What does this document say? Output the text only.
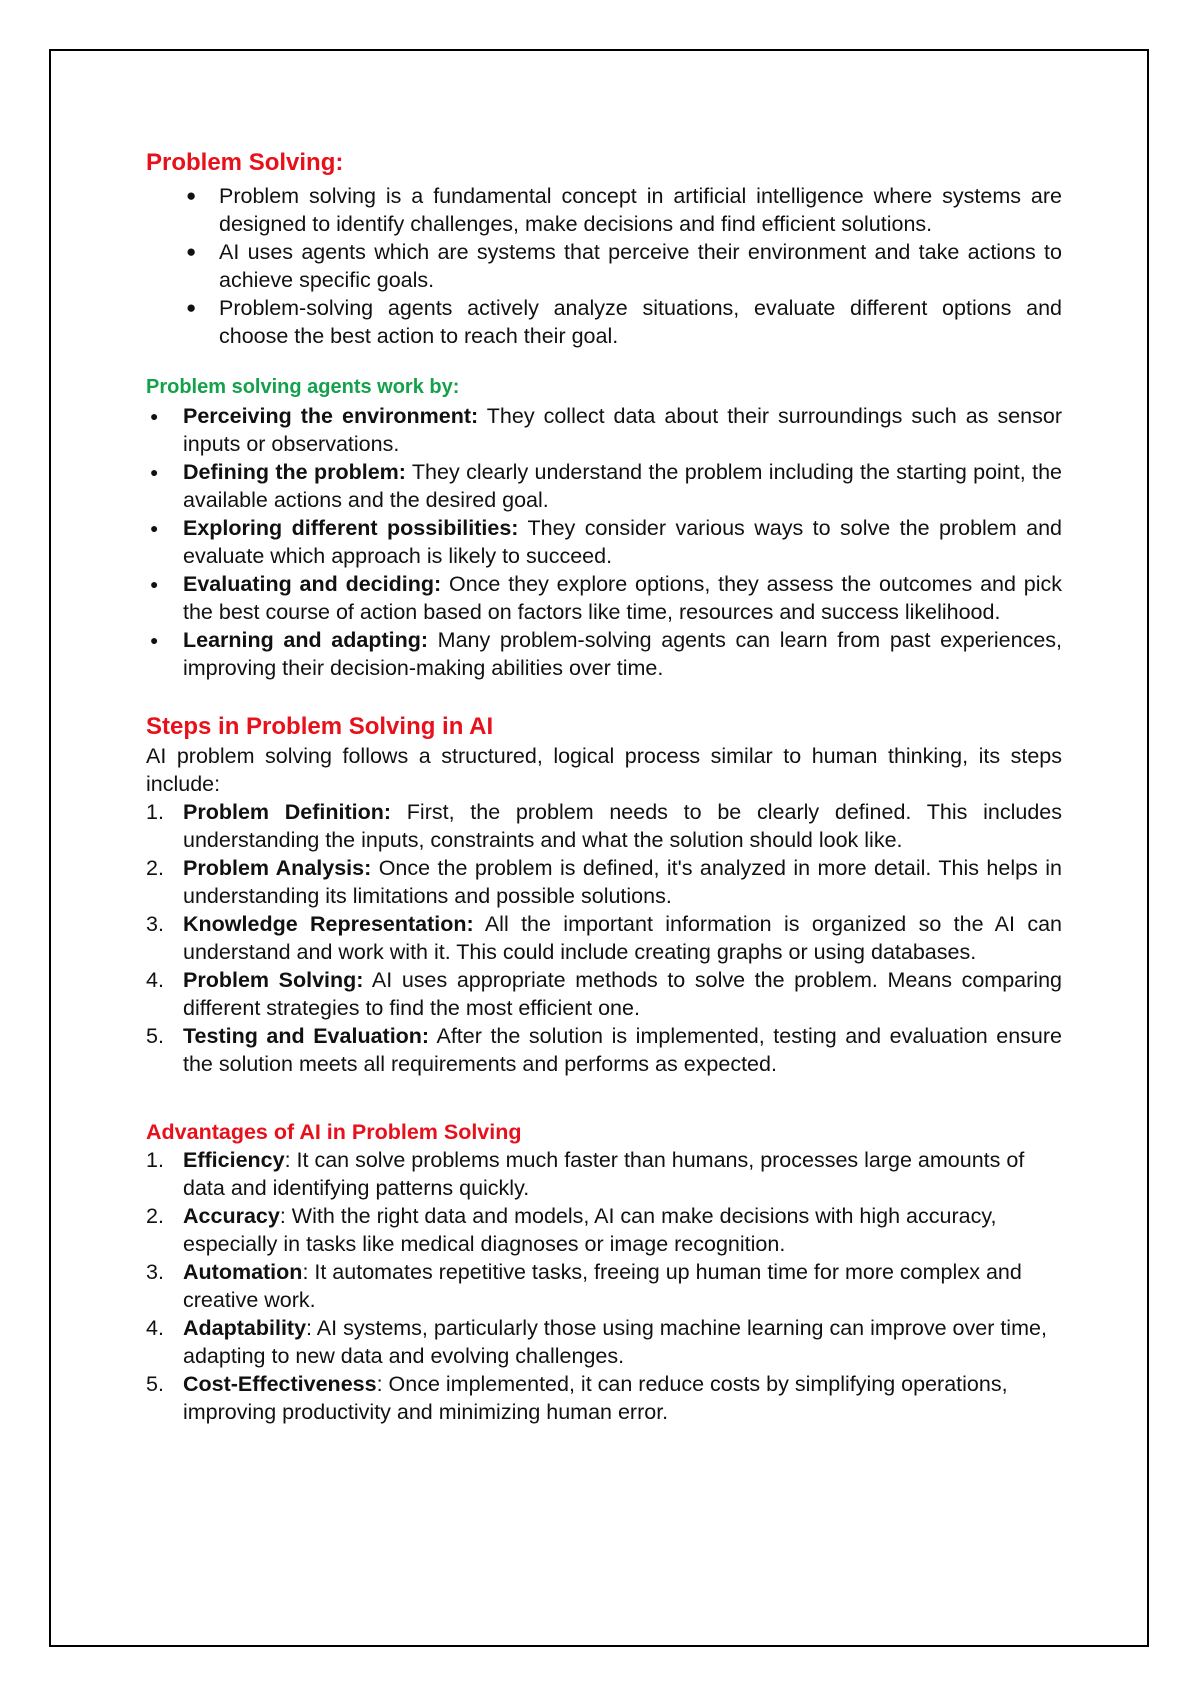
Problem Solving:
● Problem solving is a fundamental concept in artificial intelligence where systems are designed to identify challenges, make decisions and find efficient solutions.
● AI uses agents which are systems that perceive their environment and take actions to achieve specific goals.
● Problem-solving agents actively analyze situations, evaluate different options and choose the best action to reach their goal.
Problem solving agents work by:
● Perceiving the environment: They collect data about their surroundings such as sensor inputs or observations.
● Defining the problem: They clearly understand the problem including the starting point, the available actions and the desired goal.
● Exploring different possibilities: They consider various ways to solve the problem and evaluate which approach is likely to succeed.
● Evaluating and deciding: Once they explore options, they assess the outcomes and pick the best course of action based on factors like time, resources and success likelihood.
● Learning and adapting: Many problem-solving agents can learn from past experiences, improving their decision-making abilities over time.
Steps in Problem Solving in AI

AI problem solving follows a structured, logical process similar to human thinking, its steps include:

1. Problem Definition: First, the problem needs to be clearly defined. This includes understanding the inputs, constraints and what the solution should look like.
2. Problem Analysis: Once the problem is defined, it's analyzed in more detail. This helps in understanding its limitations and possible solutions.
3. Knowledge Representation: All the important information is organized so the AI can understand and work with it. This could include creating graphs or using databases.
4. Problem Solving: AI uses appropriate methods to solve the problem. Means comparing different strategies to find the most efficient one.
5. Testing and Evaluation: After the solution is implemented, testing and evaluation ensure the solution meets all requirements and performs as expected.
Advantages of AI in Problem Solving
1. Efficiency: It can solve problems much faster than humans, processes large amounts of data and identifying patterns quickly.
2. Accuracy: With the right data and models, AI can make decisions with high accuracy, especially in tasks like medical diagnoses or image recognition.
3. Automation: It automates repetitive tasks, freeing up human time for more complex and creative work.
4. Adaptability: AI systems, particularly those using machine learning can improve over time, adapting to new data and evolving challenges.
5. Cost-Effectiveness: Once implemented, it can reduce costs by simplifying operations, improving productivity and minimizing human error.
